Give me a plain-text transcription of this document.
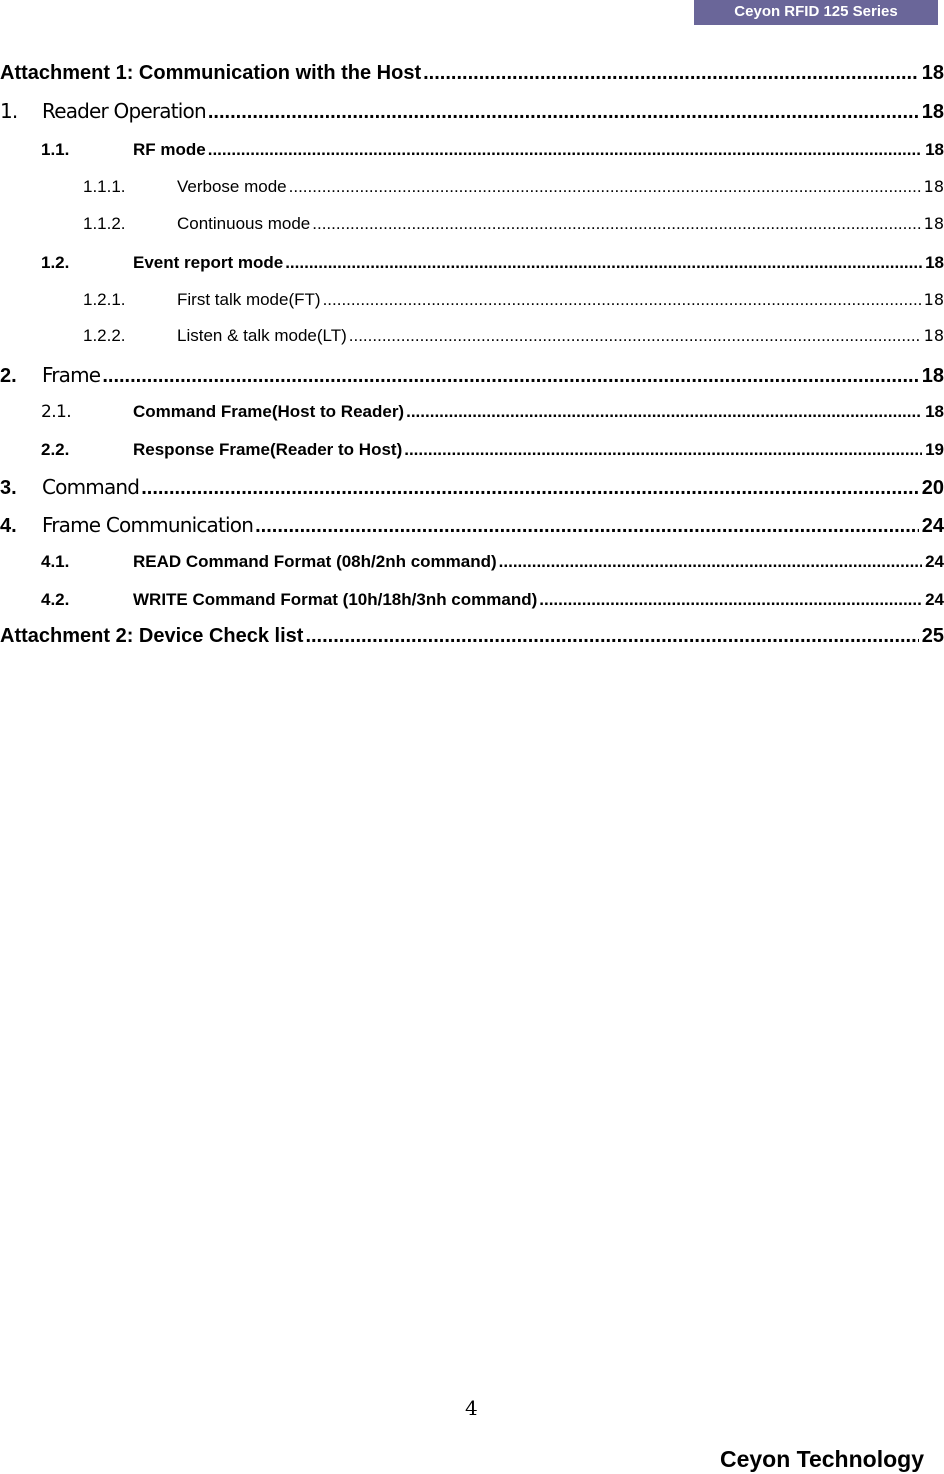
Ceyon RFID 125 Series
Attachment 1: Communication with the Host .....	18
1.	Reader Operation .....	18
1.1.	RF mode .....	18
1.1.1.	Verbose mode .....	18
1.1.2.	Continuous mode .....	18
1.2.	Event report mode .....	18
1.2.1.	First talk mode(FT) .....	18
1.2.2.	Listen & talk mode(LT) .....	18
2.	Frame .....	18
2.1.	Command Frame(Host to Reader) .....	18
2.2.	Response Frame(Reader to Host) .....	19
3.	Command .....	20
4.	Frame Communication .....	24
4.1.	READ Command Format (08h/2nh command) .....	24
4.2.	WRITE Command Format (10h/18h/3nh command) .....	24
Attachment 2: Device Check list .....	25
4
Ceyon Technology
